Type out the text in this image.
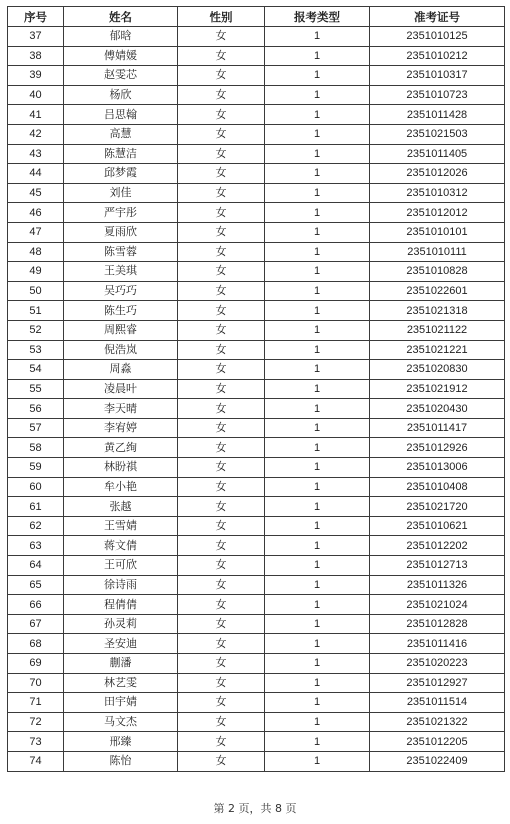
序号	姓名	性别	报考类型	准考证号
37	郁晗	女	1	2351010125
38	傅婧媛	女	1	2351010212
39	赵雯芯	女	1	2351010317
40	杨欣	女	1	2351010723
41	吕思翰	女	1	2351011428
42	高慧	女	1	2351021503
43	陈慧洁	女	1	2351011405
44	邱梦霞	女	1	2351012026
45	刘佳	女	1	2351010312
46	严宇彤	女	1	2351012012
47	夏雨欣	女	1	2351010101
48	陈雪蓉	女	1	2351010111
49	王美琪	女	1	2351010828
50	吴巧巧	女	1	2351022601
51	陈生巧	女	1	2351021318
52	周熙睿	女	1	2351021122
53	倪浩岚	女	1	2351021221
54	周淼	女	1	2351020830
55	凌晨叶	女	1	2351021912
56	李天晴	女	1	2351020430
57	李宥婷	女	1	2351011417
58	黄乙绚	女	1	2351012926
59	林盼祺	女	1	2351013006
60	牟小艳	女	1	2351010408
61	张越	女	1	2351021720
62	王雪婧	女	1	2351010621
63	蒋文倩	女	1	2351012202
64	王可欣	女	1	2351012713
65	徐诗雨	女	1	2351011326
66	程倩倩	女	1	2351021024
67	孙灵莉	女	1	2351012828
68	圣安迪	女	1	2351011416
69	蒯潘	女	1	2351020223
70	林艺雯	女	1	2351012927
71	田宇婧	女	1	2351011514
72	马文杰	女	1	2351021322
73	邢臻	女	1	2351012205
74	陈怡	女	1	2351022409
第 2 页，共 8 页
